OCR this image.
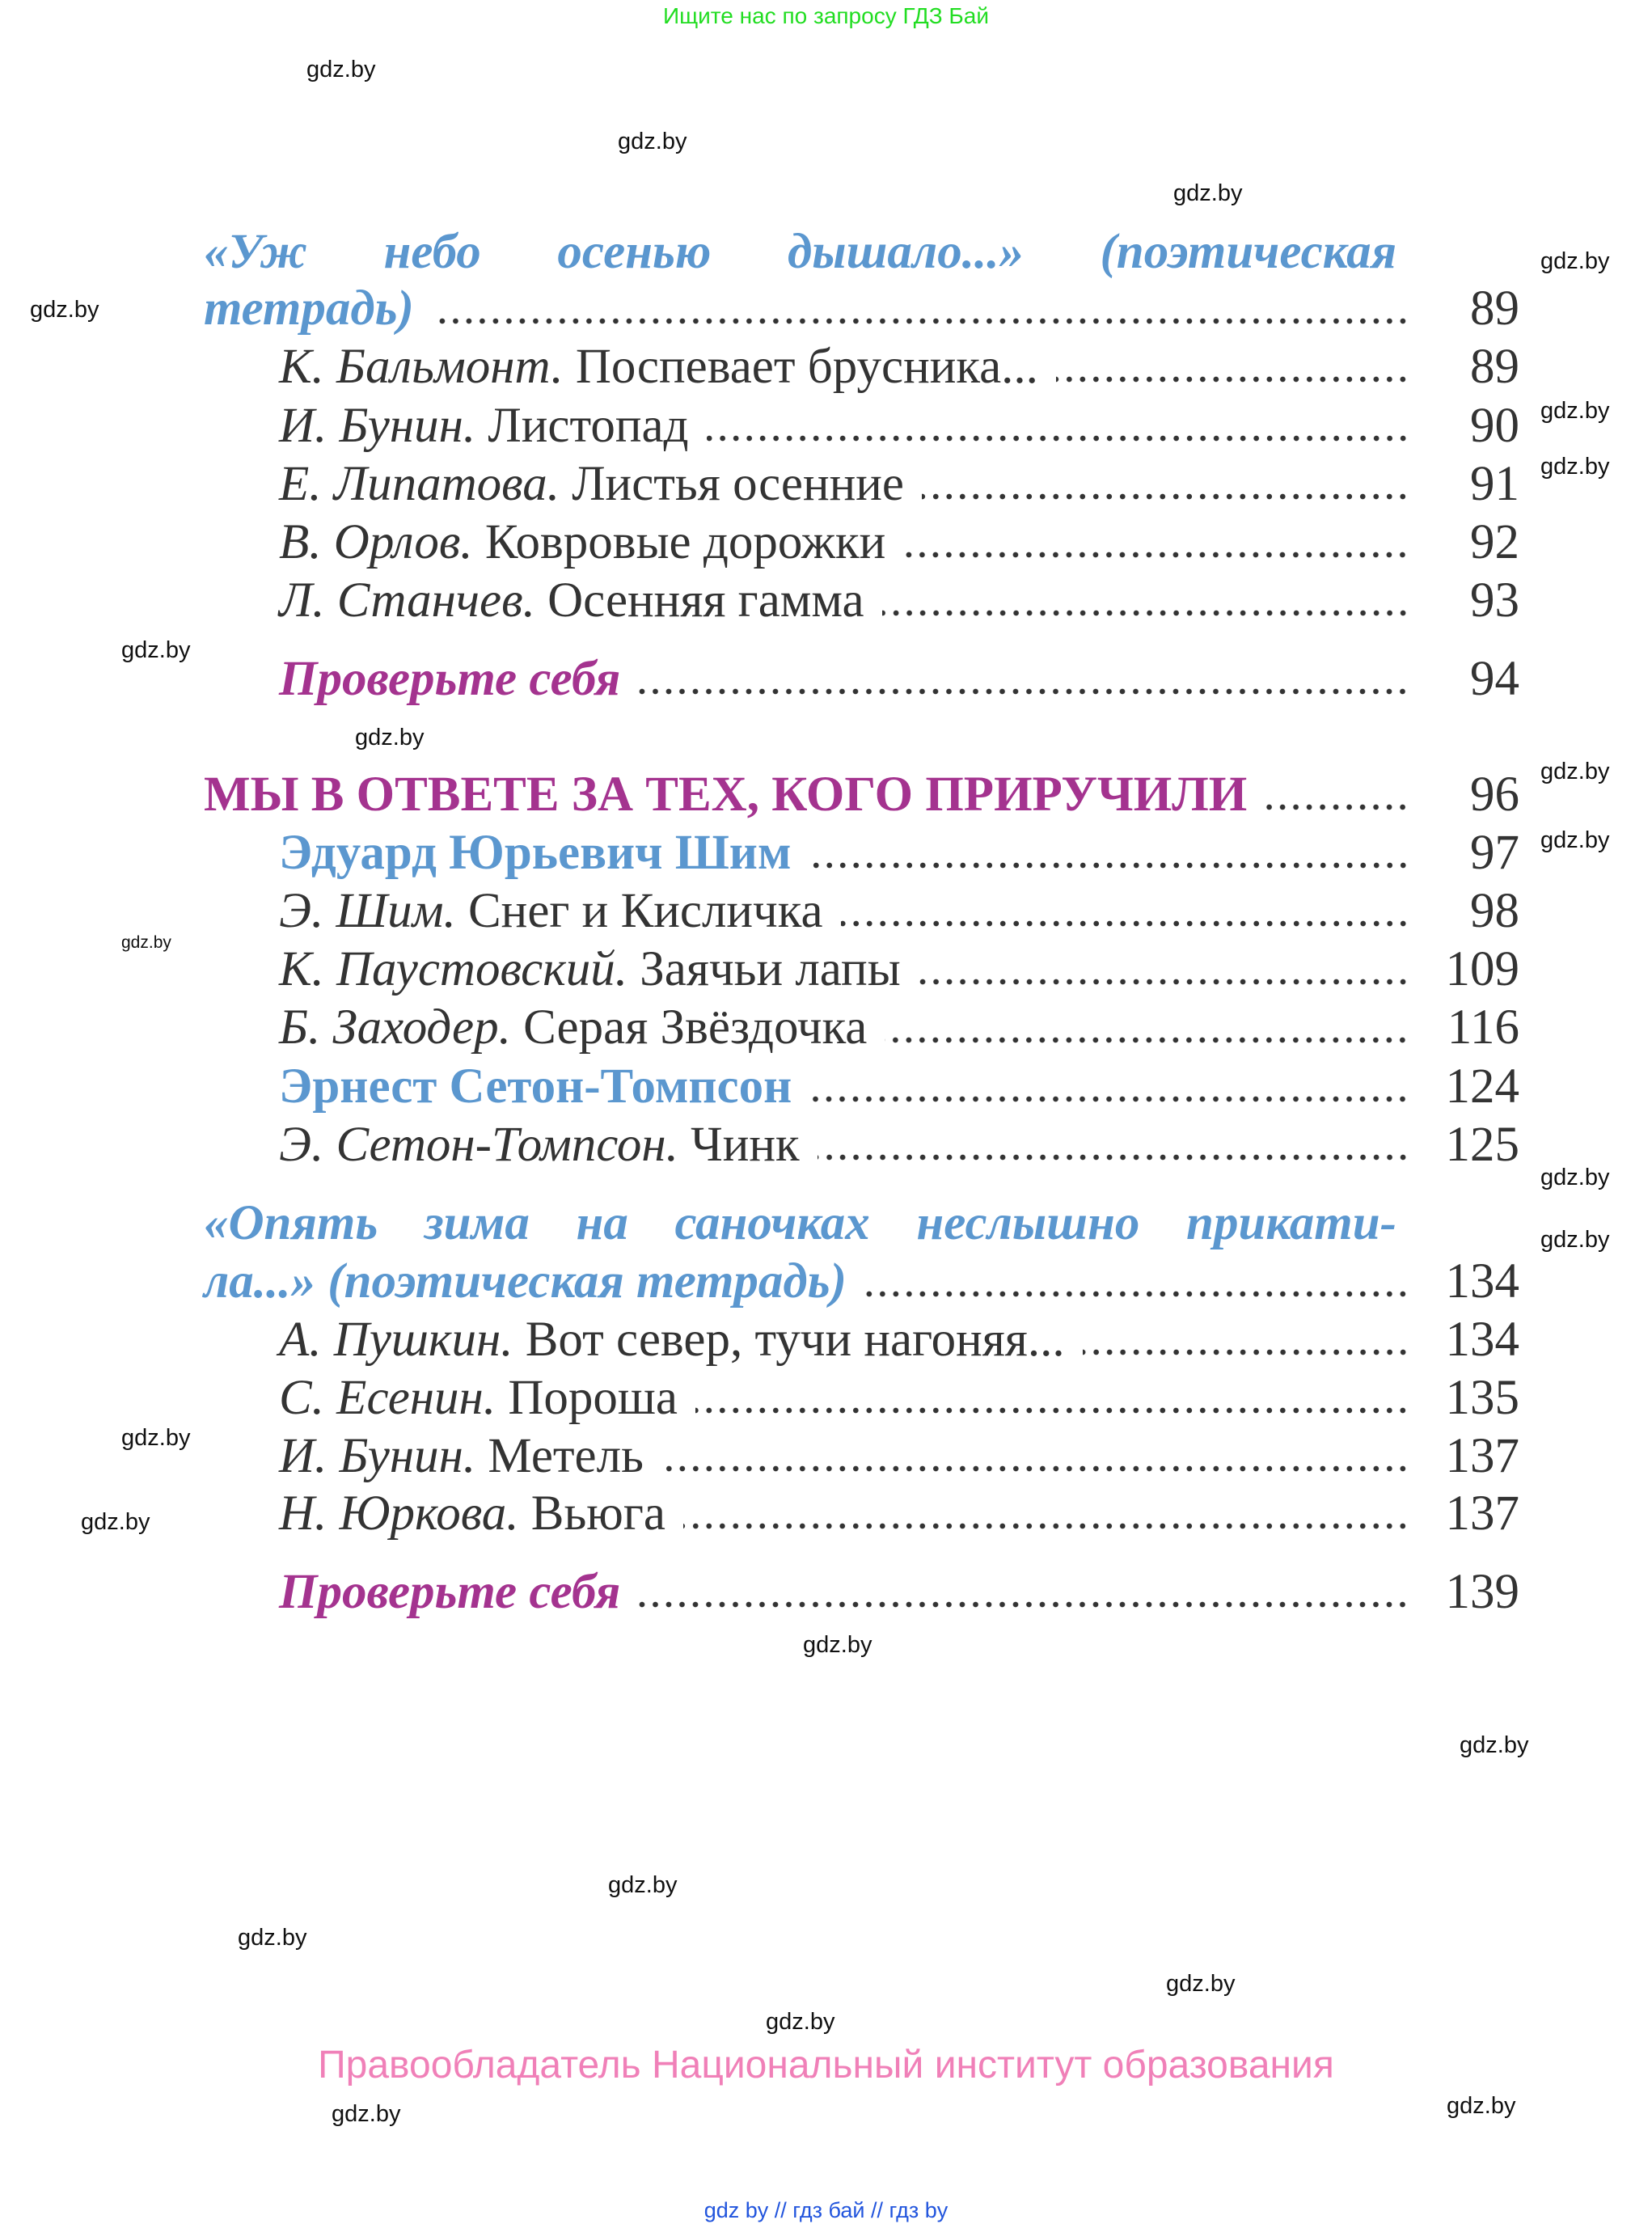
Ищите нас по запросу ГДЗ Бай
«Уж небо осенью дышало...» (поэтическая
тетрадь)	89
К. Бальмонт. Поспевает брусника...	89
И. Бунин. Листопад	90
Е. Липатова. Листья осенние	91
В. Орлов. Ковровые дорожки	92
Л. Станчев. Осенняя гамма	93
Проверьте себя	94
МЫ В ОТВЕТЕ ЗА ТЕХ, КОГО ПРИРУЧИЛИ	96
Эдуард Юрьевич Шим	97
Э. Шим. Снег и Кисличка	98
К. Паустовский. Заячьи лапы	109
Б. Заходер. Серая Звёздочка	116
Эрнест Сетон-Томпсон	124
Э. Сетон-Томпсон. Чинк	125
«Опять зима на саночках неслышно прикати-
ла...» (поэтическая тетрадь)	134
А. Пушкин. Вот север, тучи нагоняя...	134
С. Есенин. Пороша	135
И. Бунин. Метель	137
Н. Юркова. Вьюга	137
Проверьте себя	139
gdz.by
gdz.by
gdz.by
gdz.by
gdz.by
gdz.by
gdz.by
gdz.by
gdz.by
gdz.by
gdz.by
gdz.by
gdz.by
gdz.by
gdz.by
gdz.by
gdz.by
gdz.by
gdz.by
gdz.by
gdz.by
gdz.by
gdz.by
gdz.by
Правообладатель Национальный институт образования
gdz by // гдз бай // гдз by
